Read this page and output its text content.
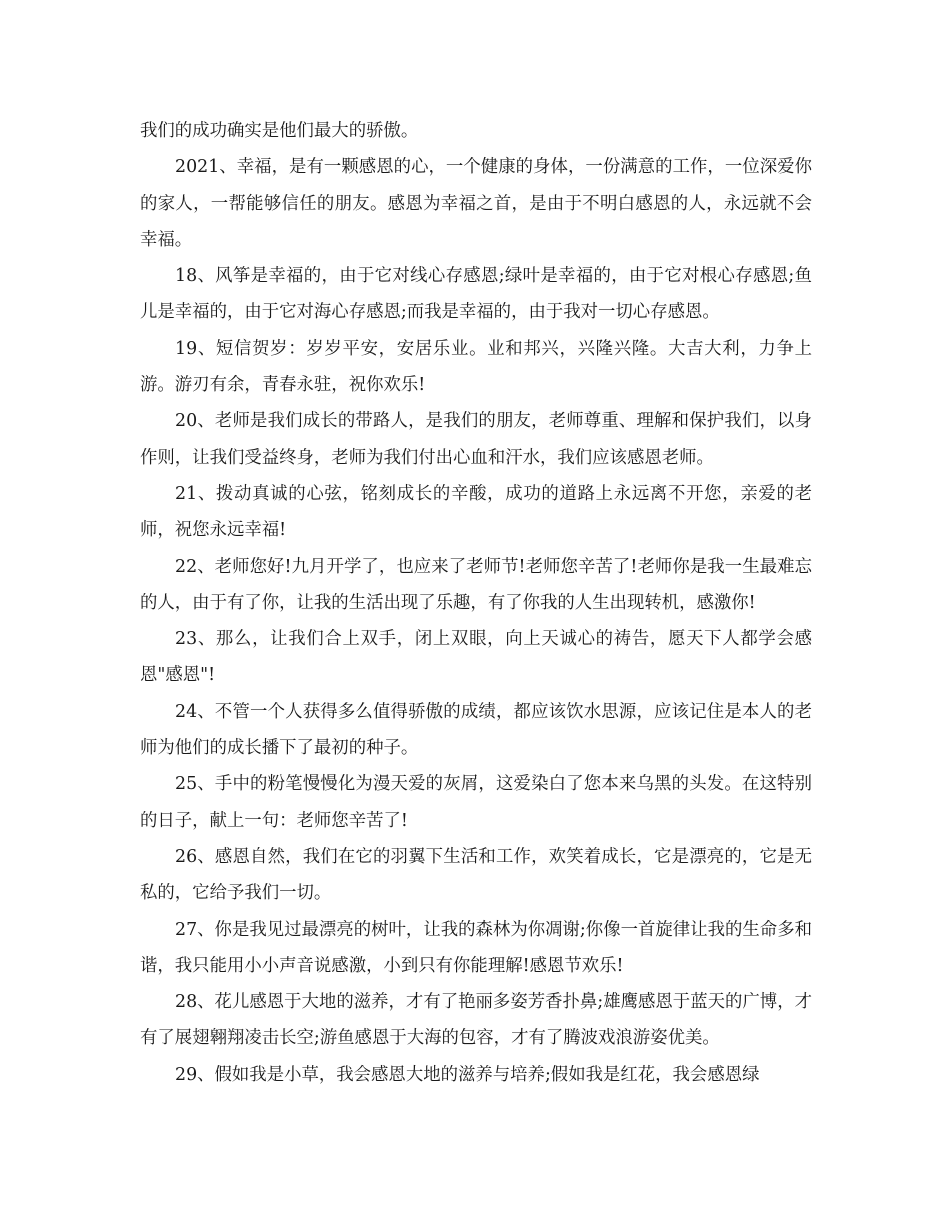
我们的成功确实是他们最大的骄傲。

2021、幸福，是有一颗感恩的心，一个健康的身体，一份满意的工作，一位深爱你的家人，一帮能够信任的朋友。感恩为幸福之首，是由于不明白感恩的人，永远就不会幸福。

18、风筝是幸福的，由于它对线心存感恩;绿叶是幸福的，由于它对根心存感恩;鱼儿是幸福的，由于它对海心存感恩;而我是幸福的，由于我对一切心存感恩。

19、短信贺岁：岁岁平安，安居乐业。业和邦兴，兴隆兴隆。大吉大利，力争上游。游刃有余，青春永驻，祝你欢乐!

20、老师是我们成长的带路人，是我们的朋友，老师尊重、理解和保护我们，以身作则，让我们受益终身，老师为我们付出心血和汗水，我们应该感恩老师。

21、拨动真诚的心弦，铭刻成长的辛酸，成功的道路上永远离不开您，亲爱的老师，祝您永远幸福!

22、老师您好!九月开学了，也应来了老师节!老师您辛苦了!老师你是我一生最难忘的人，由于有了你，让我的生活出现了乐趣，有了你我的人生出现转机，感激你!

23、那么，让我们合上双手，闭上双眼，向上天诚心的祷告，愿天下人都学会感恩"感恩"!

24、不管一个人获得多么值得骄傲的成绩，都应该饮水思源，应该记住是本人的老师为他们的成长播下了最初的种子。

25、手中的粉笔慢慢化为漫天爱的灰屑，这爱染白了您本来乌黑的头发。在这特别的日子，献上一句：老师您辛苦了!

26、感恩自然，我们在它的羽翼下生活和工作，欢笑着成长，它是漂亮的，它是无私的，它给予我们一切。

27、你是我见过最漂亮的树叶，让我的森林为你凋谢;你像一首旋律让我的生命多和谐，我只能用小小声音说感激，小到只有你能理解!感恩节欢乐!

28、花儿感恩于大地的滋养，才有了艳丽多姿芳香扑鼻;雄鹰感恩于蓝天的广博，才有了展翅翱翔凌击长空;游鱼感恩于大海的包容，才有了腾波戏浪游姿优美。

29、假如我是小草，我会感恩大地的滋养与培养;假如我是红花，我会感恩绿
